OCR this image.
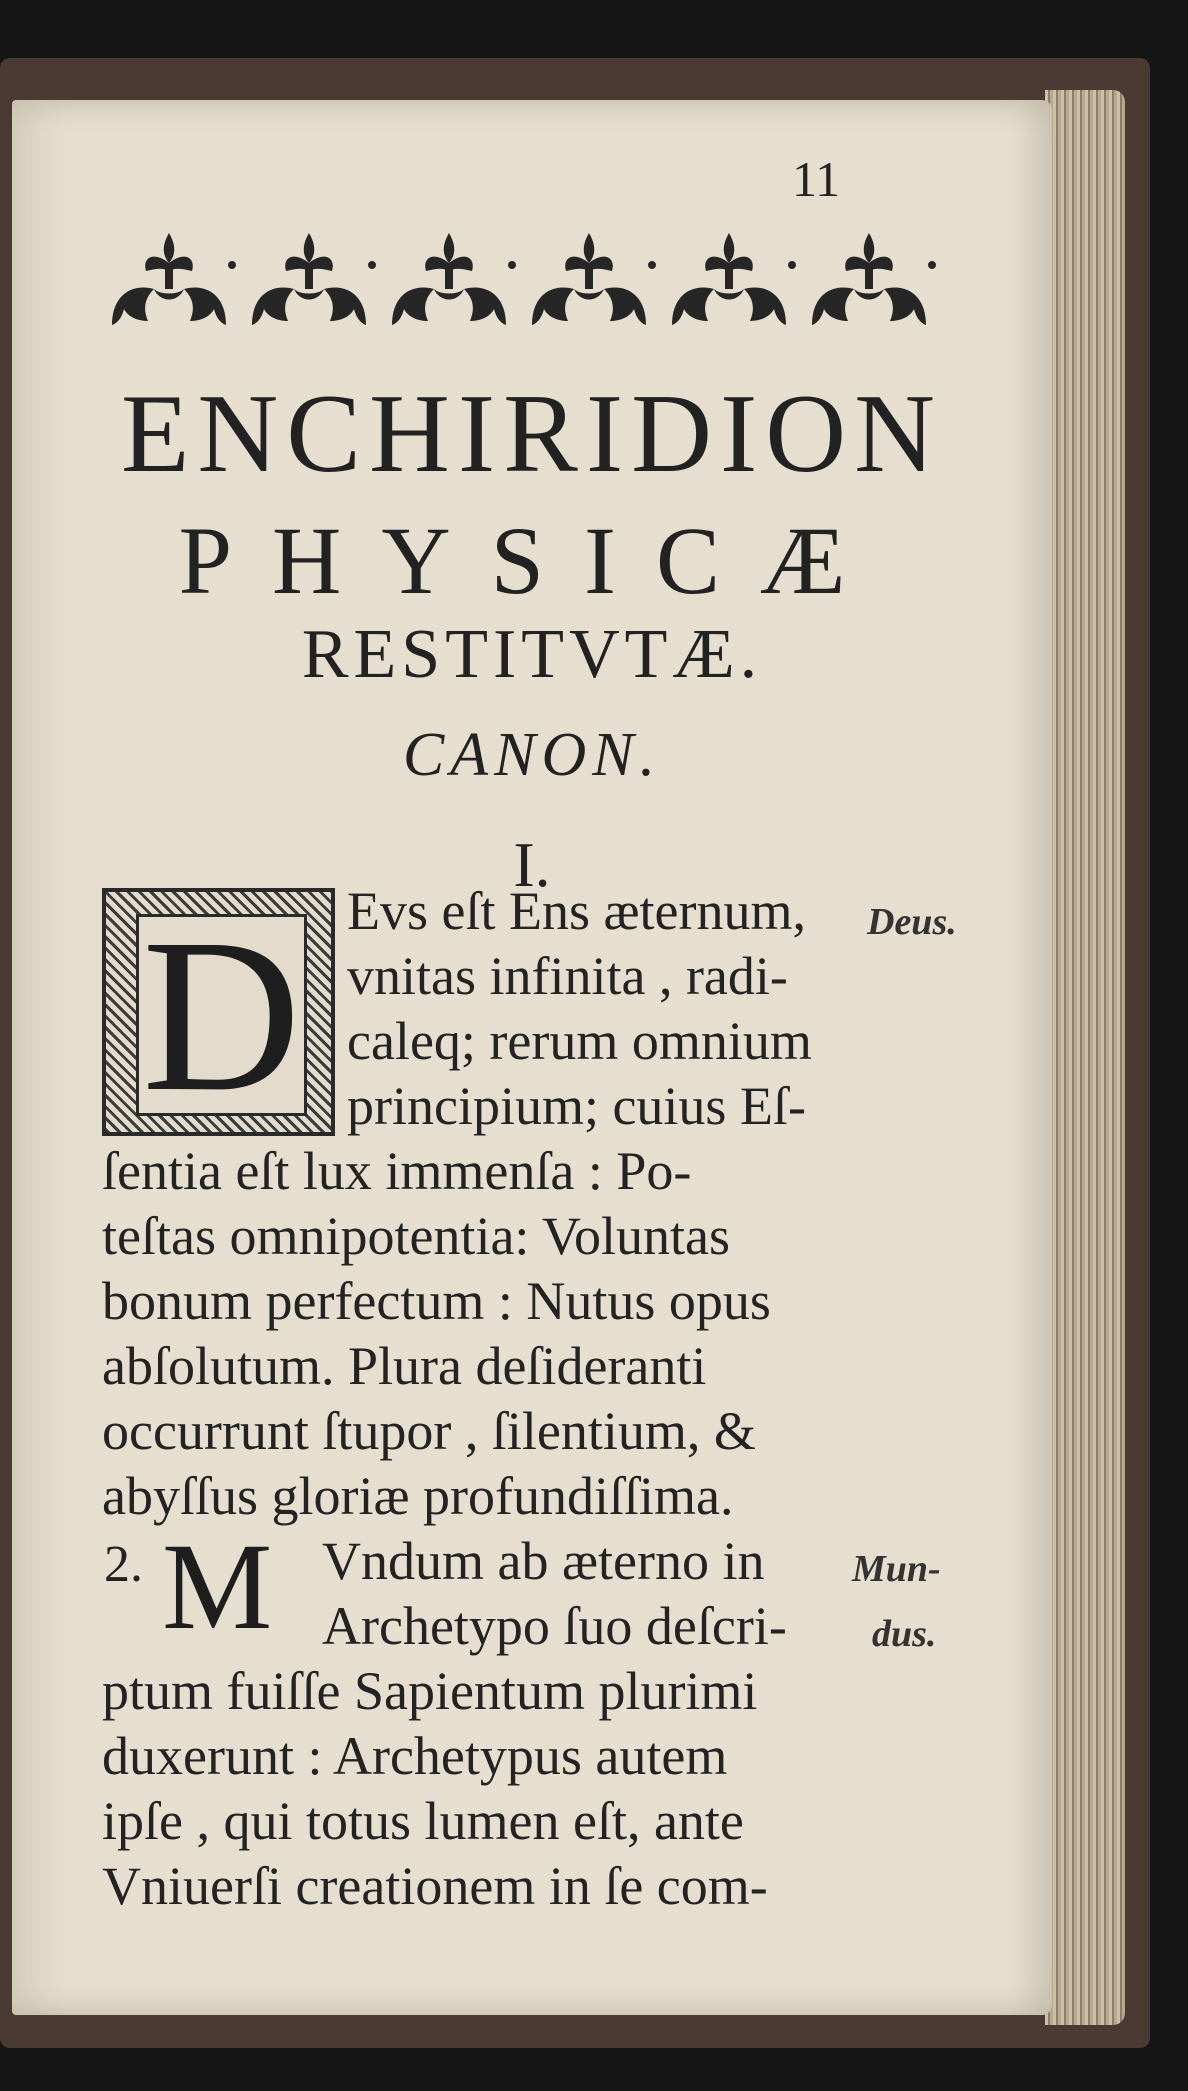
11
ENCHIRIDION
PHYSICÆ
RESTITVTÆ.
CANON.
I.
D	Deus.
Evs eſt Ens æternum,
vnitas infinita , radi-
caleq; rerum omnium
principium; cuius Eſ-
ſentia eſt lux immenſa : Po-
teſtas omnipotentia: Voluntas
bonum perfectum : Nutus opus
abſolutum. Plura deſideranti
occurrunt ſtupor , ſilentium, &
abyſſus gloriæ profundiſſima.
2. M	Mun-
dus.
Vndum ab æterno in
Archetypo ſuo deſcri-
ptum fuiſſe Sapientum plurimi
duxerunt : Archetypus autem
ipſe , qui totus lumen eſt, ante
Vniuerſi creationem in ſe com-
